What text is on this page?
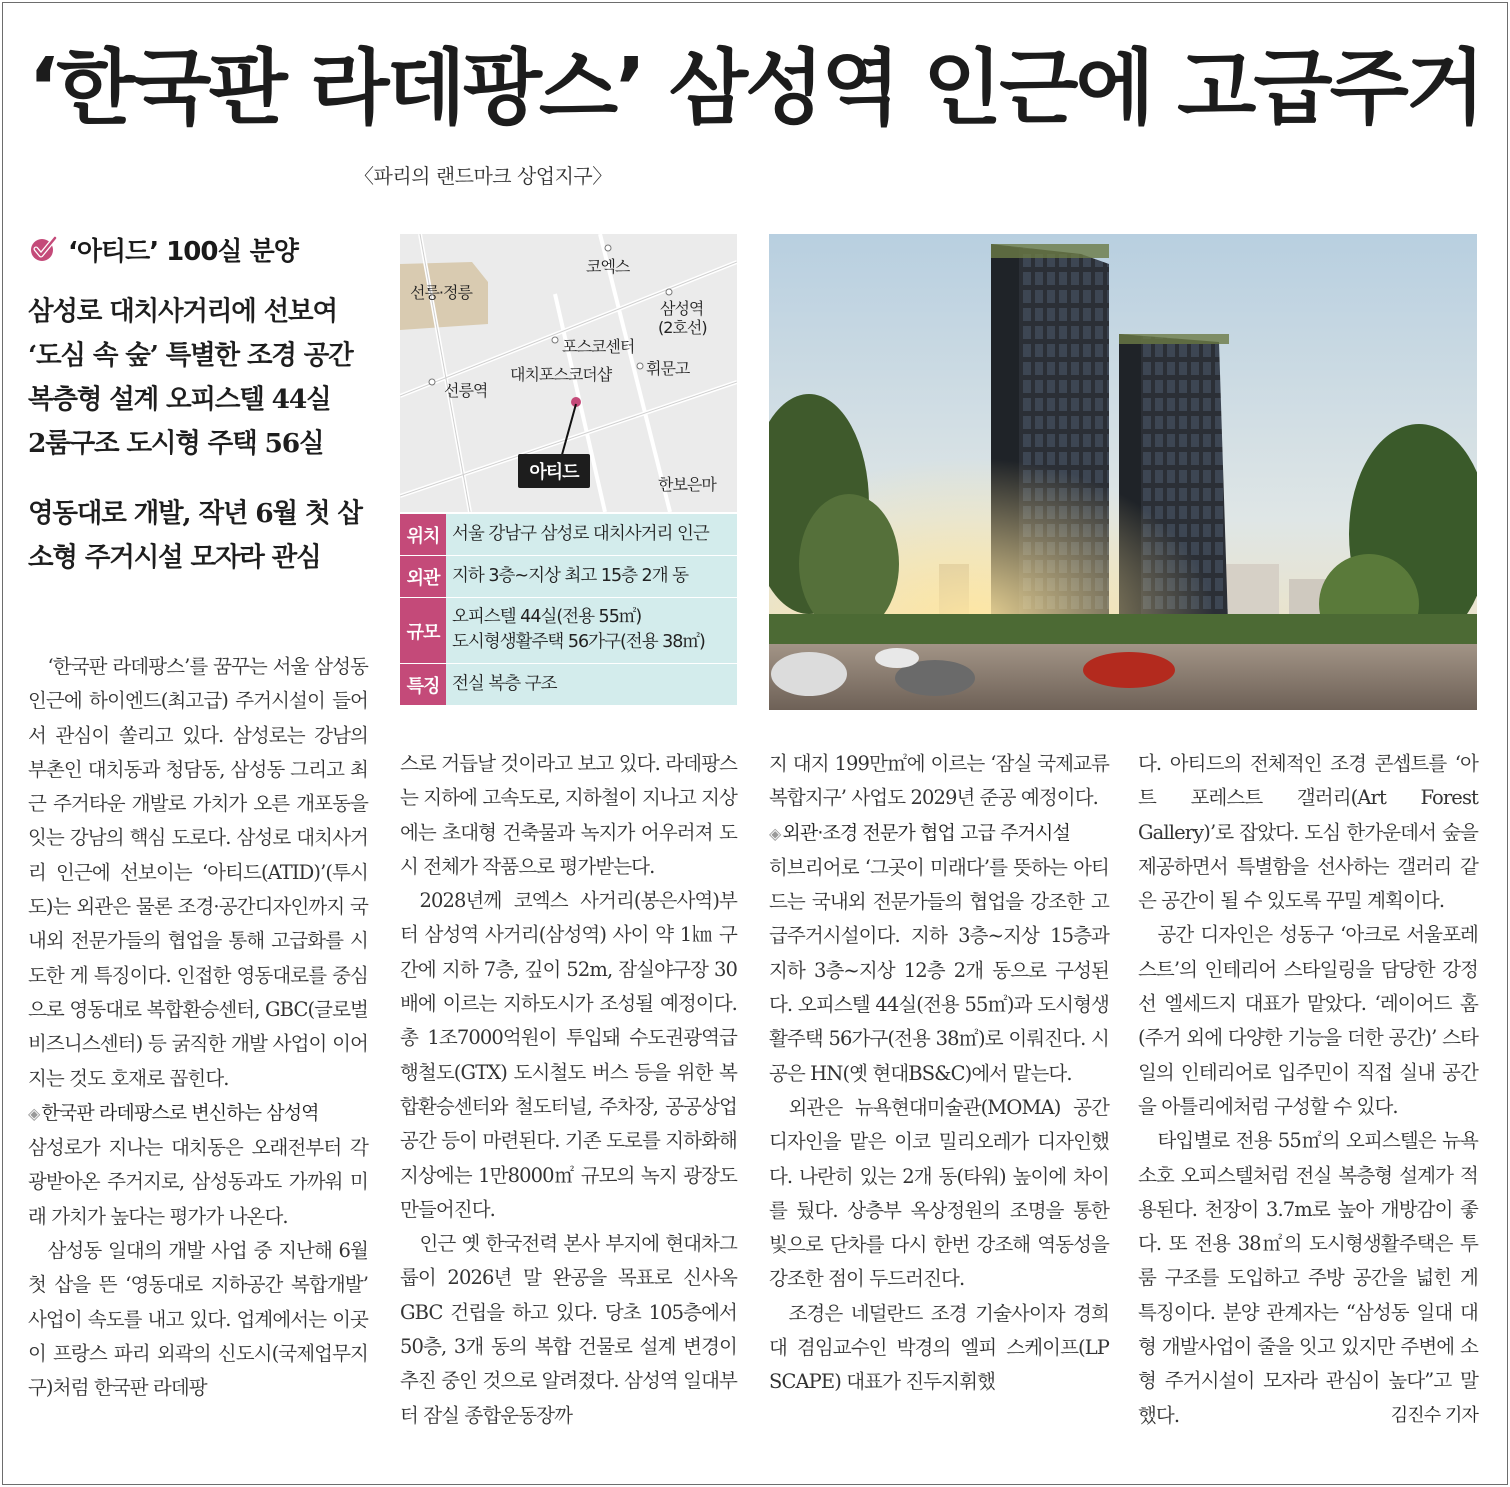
‘한국판 라데팡스’ 삼성역 인근에 고급주거
〈파리의 랜드마크 상업지구〉
‘아티드’ 100실 분양
삼성로 대치사거리에 선보여
‘도심 속 숲’ 특별한 조경 공간
복층형 설계 오피스텔 44실
2룸구조 도시형 주택 56실
영동대로 개발, 작년 6월 첫 삽
소형 주거시설 모자라 관심
아티드
코엑스
선릉·정릉
삼성역
(2호선)
포스코센터
대치포스코더샵 휘문고
선릉역
한보은마
위치 서울 강남구 삼성로 대치사거리 인근
외관 지하 3층~지상 최고 15층 2개 동
규모
오피스텔 44실(전용 55㎡)
도시형생활주택 56가구(전용 38㎡)
특징 전실 복층 구조

‘한국판 라데팡스’를 꿈꾸는 서울 삼성동 인근에 하이엔드(최고급) 주거시설이 들어서 관심이 쏠리고 있다. 삼성로는 강남의 부촌인 대치동과 청담동, 삼성동 그리고 최근 주거타운 개발로 가치가 오른 개포동을 잇는 강남의 핵심 도로다. 삼성로 대치사거리 인근에 선보이는 ‘아티드(ATID)’(투시도)는 외관은 물론 조경·공간디자인까지 국내외 전문가들의 협업을 통해 고급화를 시도한 게 특징이다. 인접한 영동대로를 중심으로 영동대로 복합환승센터, GBC(글로벌비즈니스센터) 등 굵직한 개발 사업이 이어지는 것도 호재로 꼽힌다.

◈ 한국판 라데팡스로 변신하는 삼성역

삼성로가 지나는 대치동은 오래전부터 각광받아온 주거지로, 삼성동과도 가까워 미래 가치가 높다는 평가가 나온다.

삼성동 일대의 개발 사업 중 지난해 6월 첫 삽을 뜬 ‘영동대로 지하공간 복합개발’ 사업이 속도를 내고 있다. 업계에서는 이곳이 프랑스 파리 외곽의 신도시(국제업무지구)처럼 한국판 라데팡

스로 거듭날 것이라고 보고 있다. 라데팡스는 지하에 고속도로, 지하철이 지나고 지상에는 초대형 건축물과 녹지가 어우러져 도시 전체가 작품으로 평가받는다.

2028년께 코엑스 사거리(봉은사역)부터 삼성역 사거리(삼성역) 사이 약 1㎞ 구간에 지하 7층, 깊이 52m, 잠실야구장 30배에 이르는 지하도시가 조성될 예정이다. 총 1조7000억원이 투입돼 수도권광역급행철도(GTX) 도시철도 버스 등을 위한 복합환승센터와 철도터널, 주차장, 공공상업공간 등이 마련된다. 기존 도로를 지하화해 지상에는 1만8000㎡ 규모의 녹지 광장도 만들어진다.

인근 옛 한국전력 본사 부지에 현대차그룹이 2026년 말 완공을 목표로 신사옥 GBC 건립을 하고 있다. 당초 105층에서 50층, 3개 동의 복합 건물로 설계 변경이 추진 중인 것으로 알려졌다. 삼성역 일대부터 잠실 종합운동장까

지 대지 199만㎡에 이르는 ‘잠실 국제교류복합지구’ 사업도 2029년 준공 예정이다.

◈ 외관·조경 전문가 협업 고급 주거시설

히브리어로 ‘그곳이 미래다’를 뜻하는 아티드는 국내외 전문가들의 협업을 강조한 고급주거시설이다. 지하 3층~지상 15층과 지하 3층~지상 12층 2개 동으로 구성된다. 오피스텔 44실(전용 55㎡)과 도시형생활주택 56가구(전용 38㎡)로 이뤄진다. 시공은 HN(옛 현대BS&C)에서 맡는다.

외관은 뉴욕현대미술관(MOMA) 공간 디자인을 맡은 이코 밀리오레가 디자인했다. 나란히 있는 2개 동(타워) 높이에 차이를 뒀다. 상층부 옥상정원의 조명을 통한 빛으로 단차를 다시 한번 강조해 역동성을 강조한 점이 두드러진다.

조경은 네덜란드 조경 기술사이자 경희대 겸임교수인 박경의 엘피 스케이프(LP SCAPE) 대표가 진두지휘했

다. 아티드의 전체적인 조경 콘셉트를 ‘아트 포레스트 갤러리(Art Forest Gallery)’로 잡았다. 도심 한가운데서 숲을 제공하면서 특별함을 선사하는 갤러리 같은 공간이 될 수 있도록 꾸밀 계획이다.

공간 디자인은 성동구 ‘아크로 서울포레스트’의 인테리어 스타일링을 담당한 강정선 엘세드지 대표가 맡았다. ‘레이어드 홈(주거 외에 다양한 기능을 더한 공간)’ 스타일의 인테리어로 입주민이 직접 실내 공간을 아틀리에처럼 구성할 수 있다.

타입별로 전용 55㎡의 오피스텔은 뉴욕 소호 오피스텔처럼 전실 복층형 설계가 적용된다. 천장이 3.7m로 높아 개방감이 좋다. 또 전용 38㎡의 도시형생활주택은 투룸 구조를 도입하고 주방 공간을 넓힌 게 특징이다. 분양 관계자는 “삼성동 일대 대형 개발사업이 줄을 잇고 있지만 주변에 소형 주거시설이 모자라 관심이 높다”고 말했다.	김진수 기자
